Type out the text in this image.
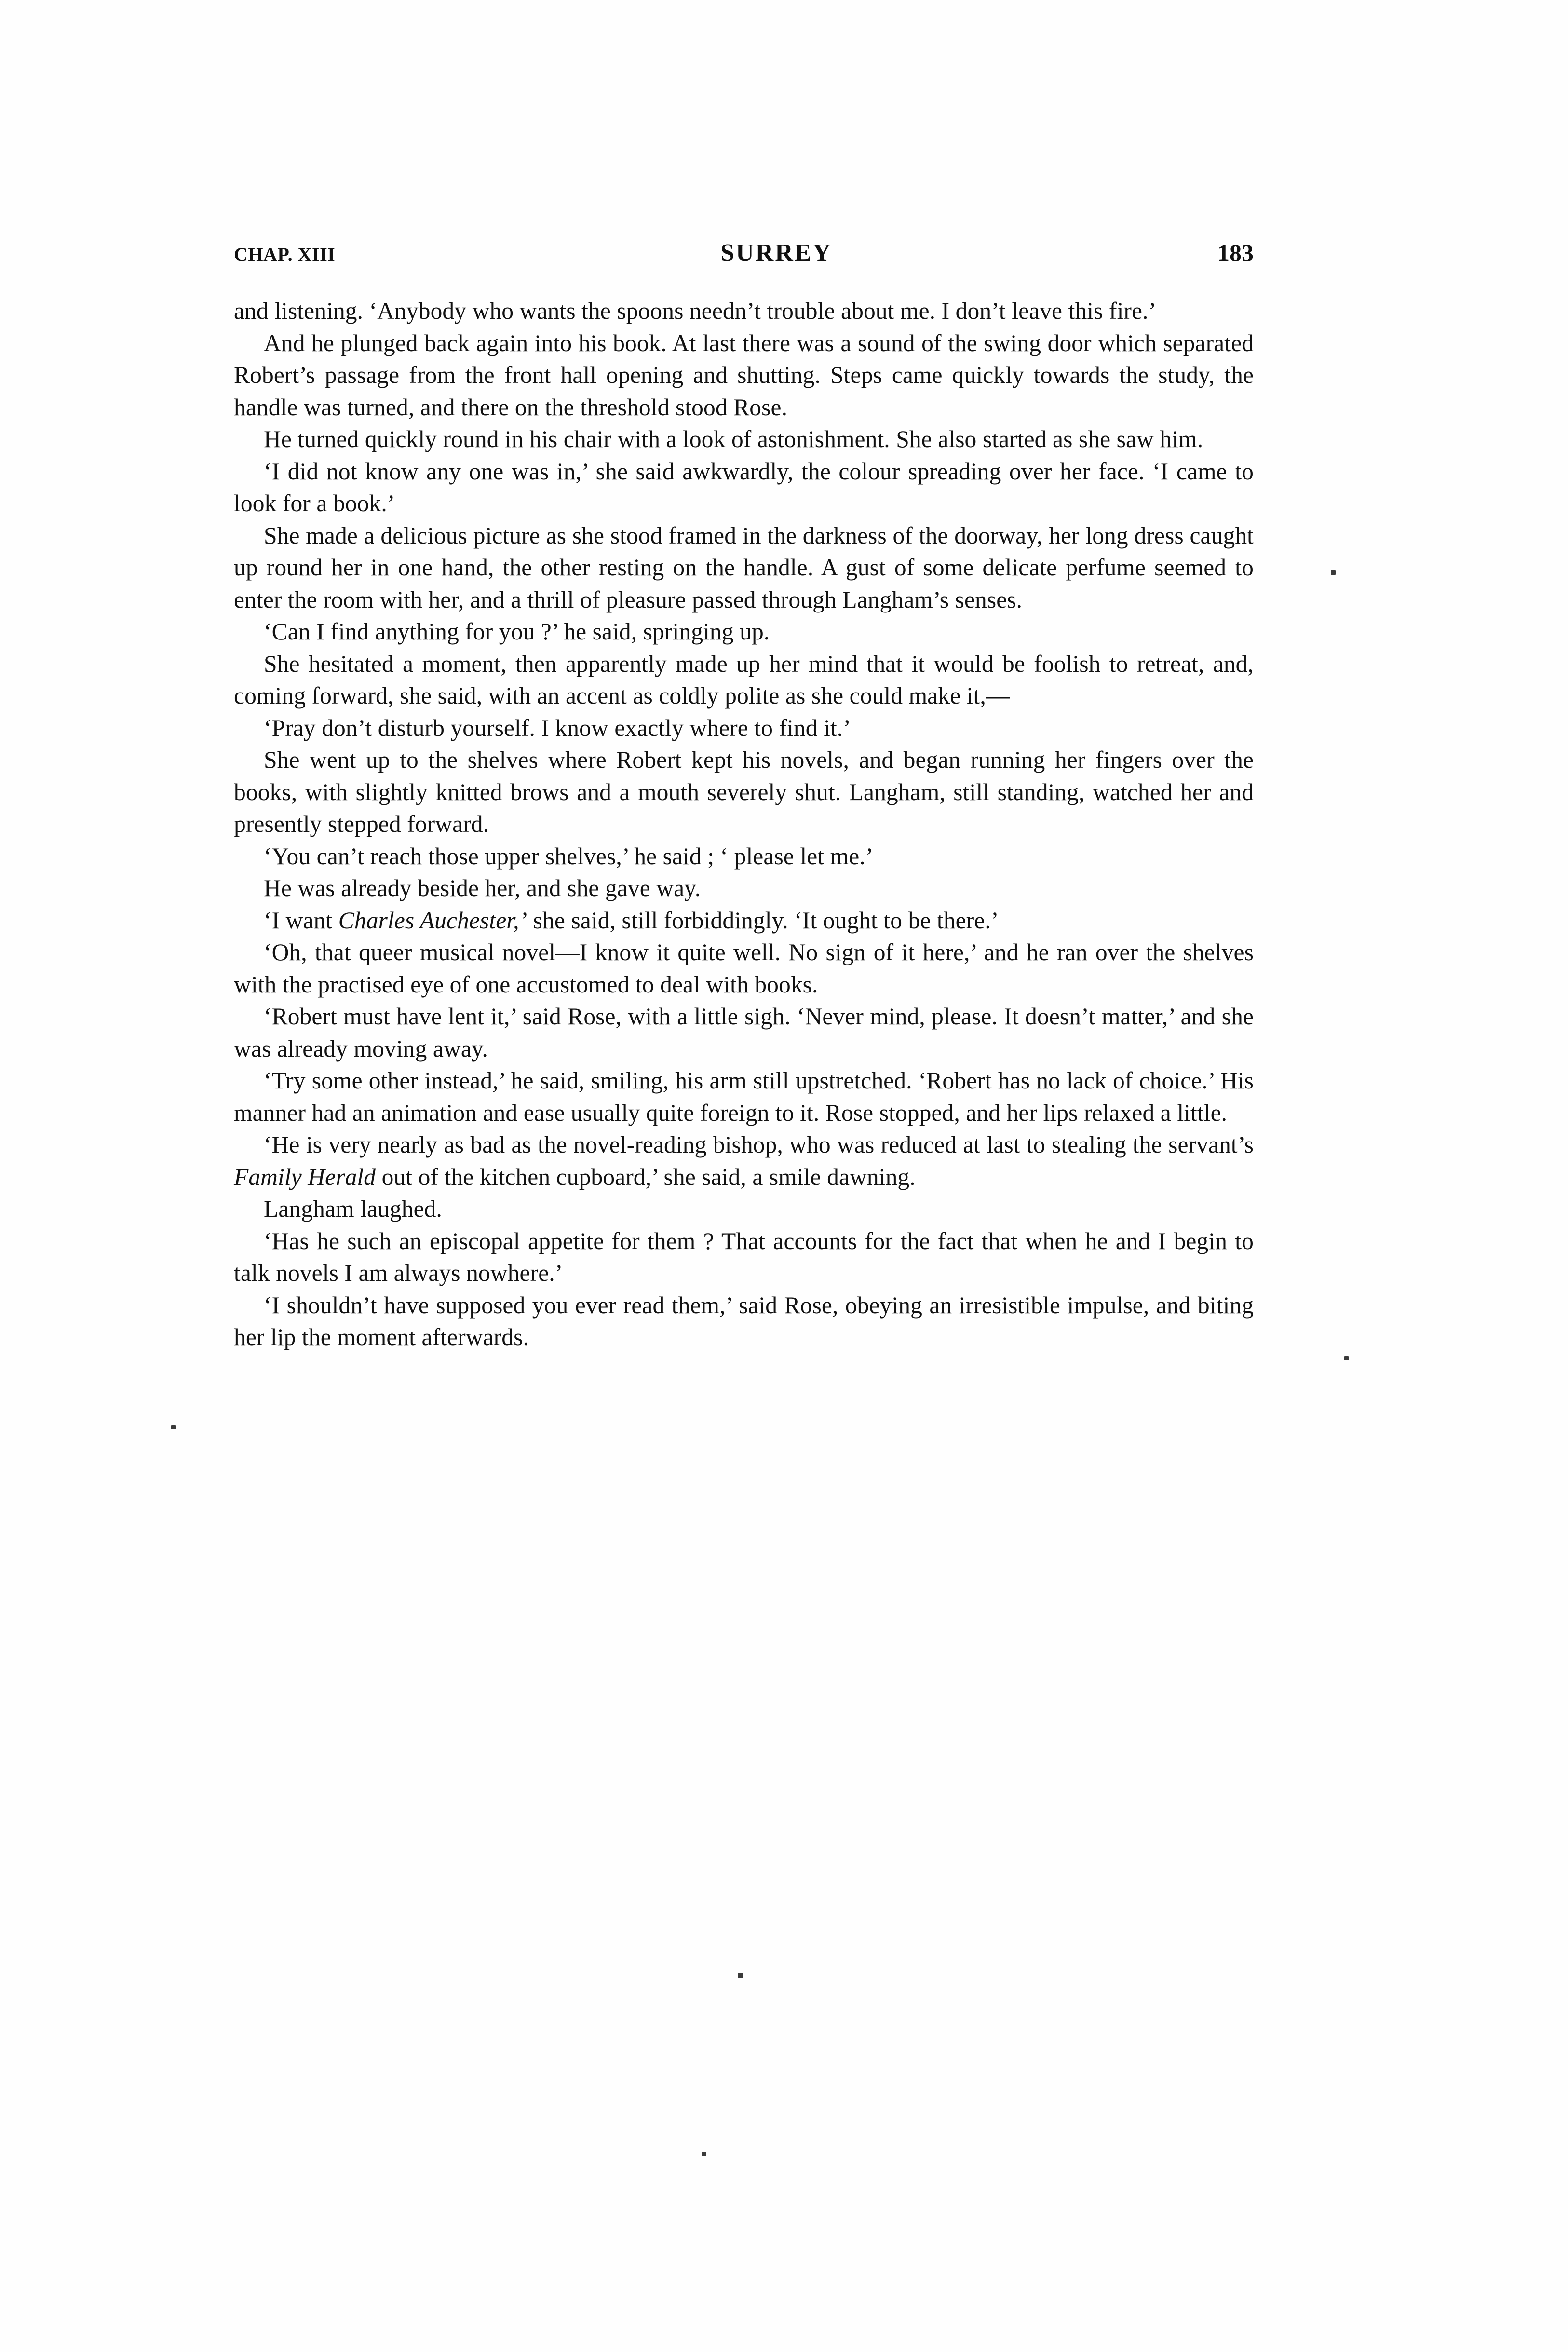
CHAP. XIII	SURREY	183

and listening. ‘Anybody who wants the spoons needn’t trouble about me. I don’t leave this fire.’

And he plunged back again into his book. At last there was a sound of the swing door which separated Robert’s passage from the front hall opening and shutting. Steps came quickly towards the study, the handle was turned, and there on the threshold stood Rose.

He turned quickly round in his chair with a look of astonishment. She also started as she saw him.

‘I did not know any one was in,’ she said awkwardly, the colour spreading over her face. ‘I came to look for a book.’

She made a delicious picture as she stood framed in the darkness of the doorway, her long dress caught up round her in one hand, the other resting on the handle. A gust of some delicate perfume seemed to enter the room with her, and a thrill of pleasure passed through Langham’s senses.

‘Can I find anything for you ?’ he said, springing up.

She hesitated a moment, then apparently made up her mind that it would be foolish to retreat, and, coming forward, she said, with an accent as coldly polite as she could make it,—

‘Pray don’t disturb yourself. I know exactly where to find it.’

She went up to the shelves where Robert kept his novels, and began running her fingers over the books, with slightly knitted brows and a mouth severely shut. Langham, still standing, watched her and presently stepped forward.

‘You can’t reach those upper shelves,’ he said ; ‘ please let me.’

He was already beside her, and she gave way.

‘I want Charles Auchester,’ she said, still forbiddingly. ‘It ought to be there.’

‘Oh, that queer musical novel—I know it quite well. No sign of it here,’ and he ran over the shelves with the practised eye of one accustomed to deal with books.

‘Robert must have lent it,’ said Rose, with a little sigh. ‘Never mind, please. It doesn’t matter,’ and she was already moving away.

‘Try some other instead,’ he said, smiling, his arm still upstretched. ‘Robert has no lack of choice.’ His manner had an animation and ease usually quite foreign to it. Rose stopped, and her lips relaxed a little.

‘He is very nearly as bad as the novel-reading bishop, who was reduced at last to stealing the servant’s Family Herald out of the kitchen cupboard,’ she said, a smile dawning.

Langham laughed.

‘Has he such an episcopal appetite for them ? That accounts for the fact that when he and I begin to talk novels I am always nowhere.’

‘I shouldn’t have supposed you ever read them,’ said Rose, obeying an irresistible impulse, and biting her lip the moment afterwards.
